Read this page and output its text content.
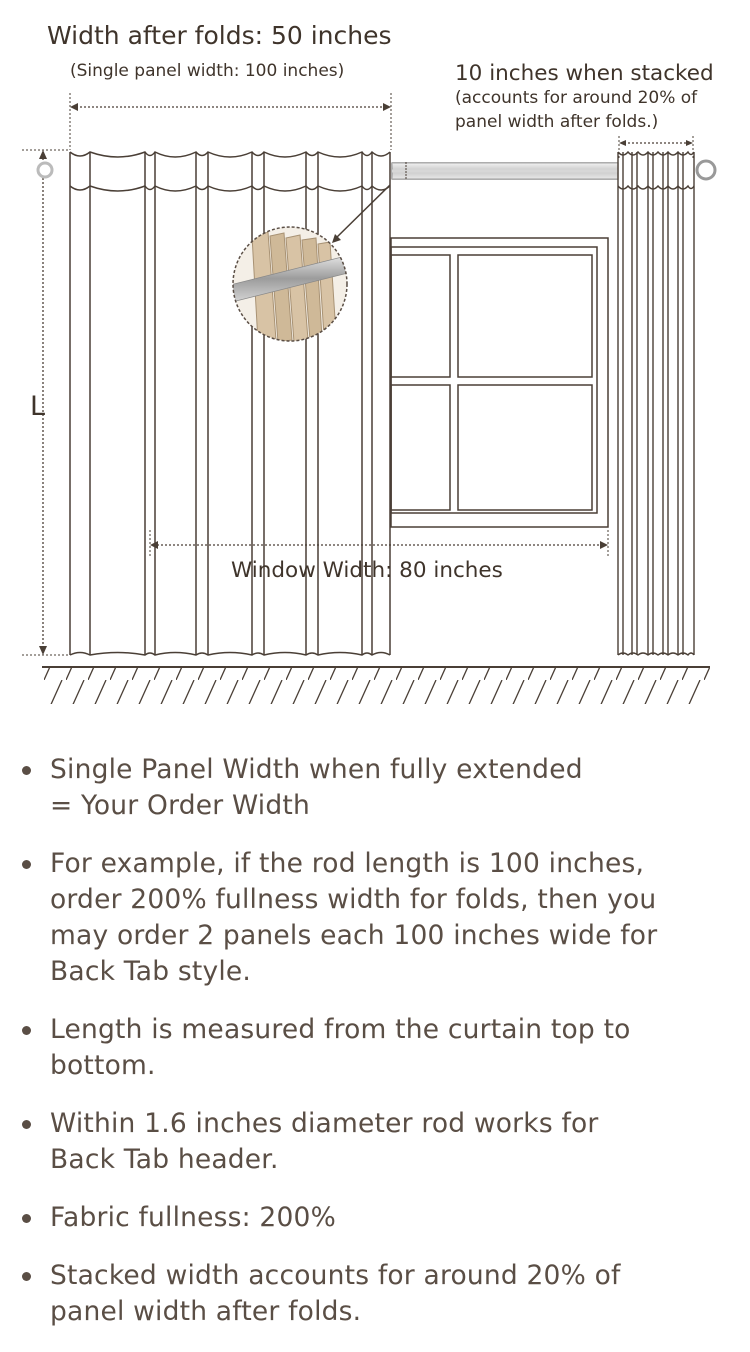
Width after folds: 50 inches
(Single panel width: 100 inches)	10 inches when stacked
(accounts for around 20% of
panel width after folds.)
L
Window Width: 80 inches
Single Panel Width when fully extended
= Your Order Width
For example, if the rod length is 100 inches,
order 200% fullness width for folds, then you
may order 2 panels each 100 inches wide for
Back Tab style.
Length is measured from the curtain top to
bottom.
Within 1.6 inches diameter rod works for
Back Tab header.
Fabric fullness: 200%
Stacked width accounts for around 20% of
panel width after folds.
